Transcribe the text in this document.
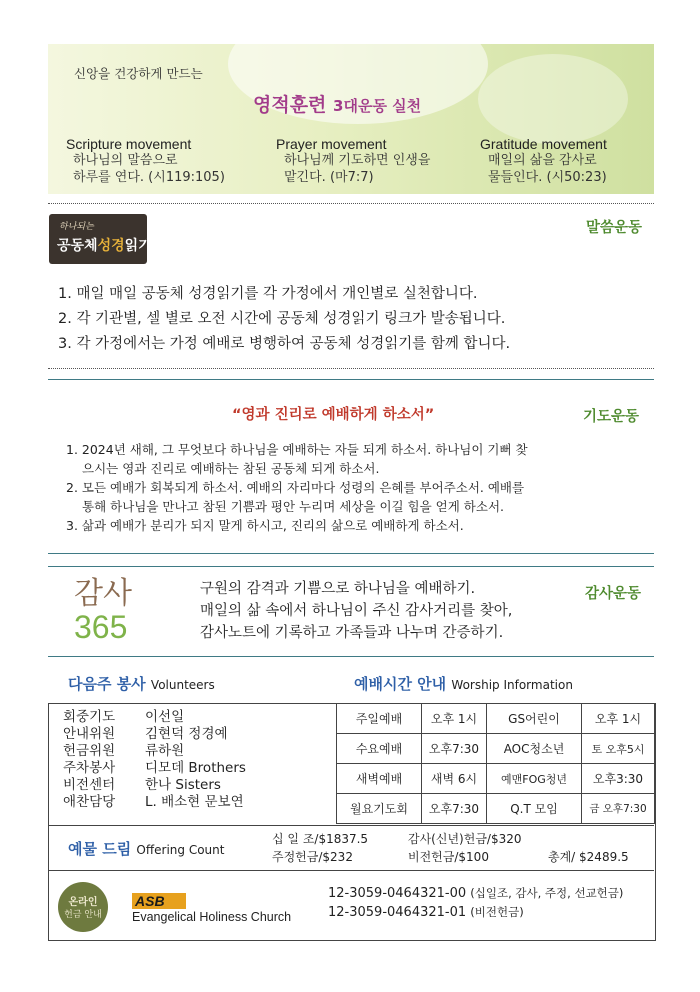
신앙을 건강하게 만드는
영적훈련 3대운동 실천
Scripture movement
하나님의 말씀으로
하루를 연다. (시119:105)
Prayer movement
하나님께 기도하면 인생을
맡긴다. (마7:7)
Gratitude movement
매일의 삶을 감사로
물들인다. (시50:23)
하나되는
공동체성경읽기
말씀운동
1. 매일 매일 공동체 성경읽기를 각 가정에서 개인별로 실천합니다.
2. 각 기관별, 셀 별로 오전 시간에 공동체 성경읽기 링크가 발송됩니다.
3. 각 가정에서는 가정 예배로 병행하여 공동체 성경읽기를 함께 합니다.
“영과 진리로 예배하게 하소서”	기도운동
1. 2024년 새해, 그 무엇보다 하나님을 예배하는 자들 되게 하소서. 하나님이 기뻐 찾
으시는 영과 진리로 예배하는 참된 공동체 되게 하소서.
2. 모든 예배가 회복되게 하소서. 예배의 자리마다 성령의 은혜를 부어주소서. 예배를
통해 하나님을 만나고 참된 기쁨과 평안 누리며 세상을 이길 힘을 얻게 하소서.
3. 삶과 예배가 분리가 되지 말게 하시고, 진리의 삶으로 예배하게 하소서.
감사
365
감사운동
구원의 감격과 기쁨으로 하나님을 예배하기.
매일의 삶 속에서 하나님이 주신 감사거리를 찾아,
감사노트에 기록하고 가족들과 나누며 간증하기.
다음주 봉사 Volunteers	예배시간 안내 Worship Information
회중기도 이선일
안내위원 김현덕 정경예
헌금위원 류하원
주차봉사 디모데 Brothers
비전센터 한나 Sisters
애찬담당 L. 배소현 문보연
주일예배	오후 1시	GS어린이	오후 1시
수요예배	오후7:30	AOC청소년	토 오후5시
새벽예배	새벽 6시	예맨FOG청년	오후3:30
월요기도회	오후7:30	Q.T 모임	금 오후7:30
예물 드림 Offering Count
십 일 조/$1837.5	감사(신년)헌금/$320
주정헌금/$232	비전헌금/$100	총계/ $2489.5
온라인
헌금 안내
ASB
Evangelical Holiness Church
12-3059-0464321-00 (십일조, 감사, 주정, 선교헌금)
12-3059-0464321-01 (비전헌금)
